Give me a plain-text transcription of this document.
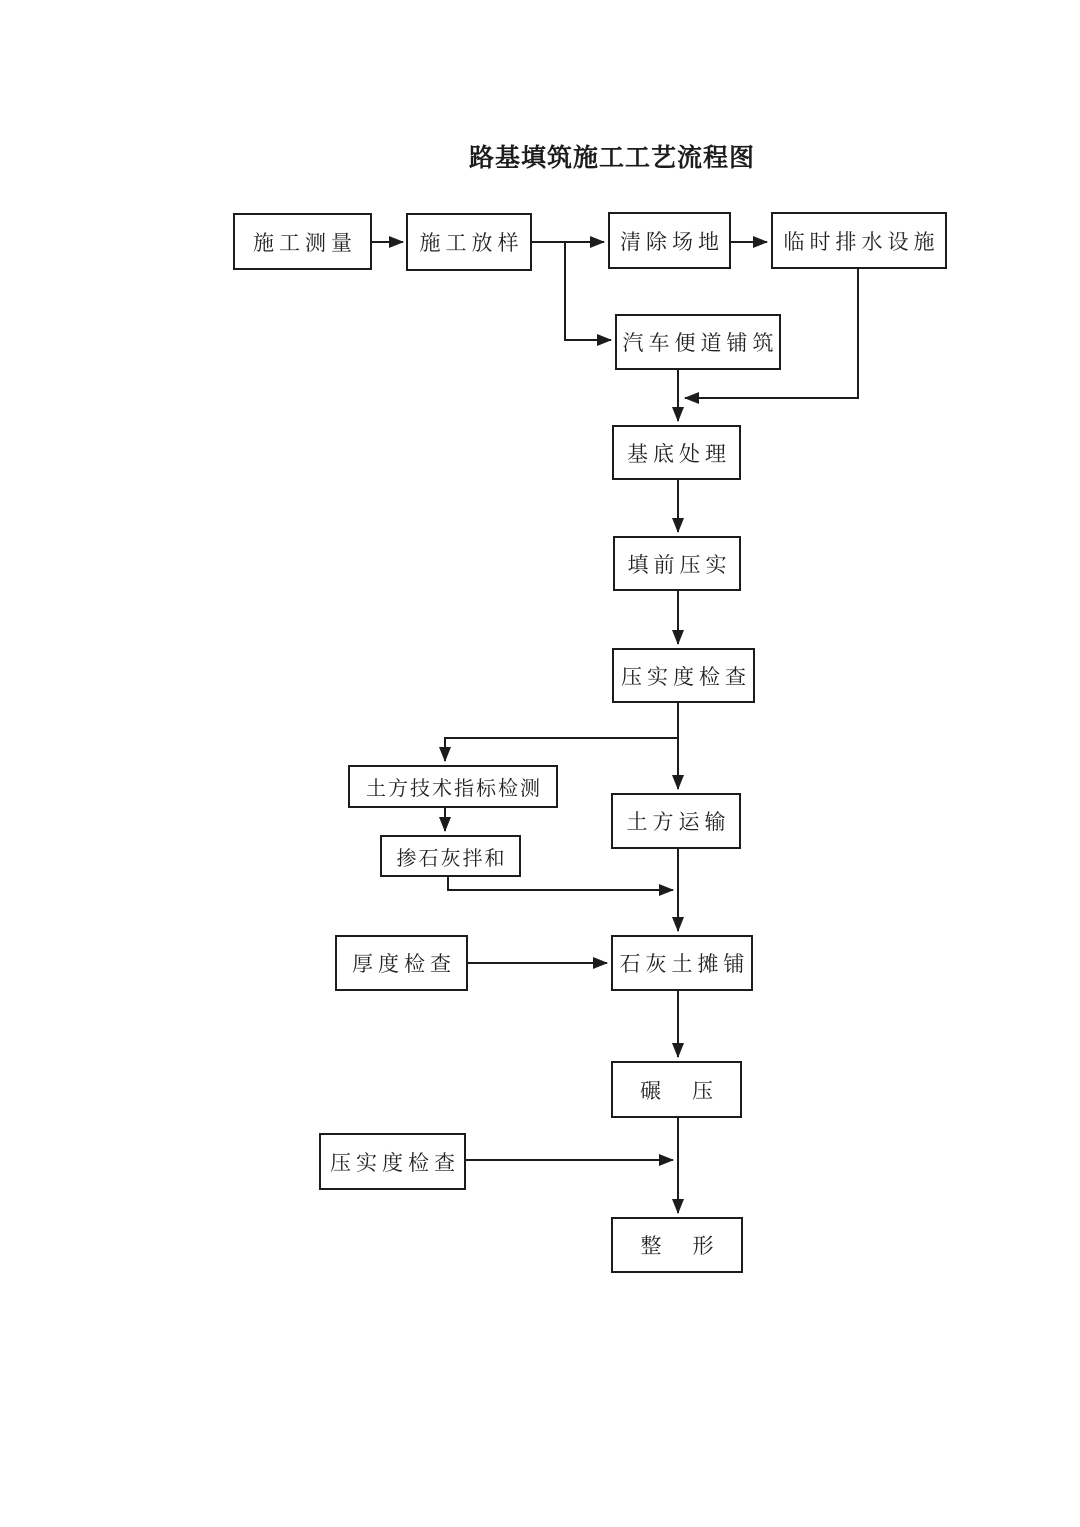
路基填筑施工工艺流程图
施工测量	施工放样	清除场地	临时排水设施
汽车便道铺筑
基底处理
填前压实
压实度检查
土方技术指标检测
土方运输
掺石灰拌和
石灰土摊铺
厚度检查
碾　压
压实度检查
整　形
